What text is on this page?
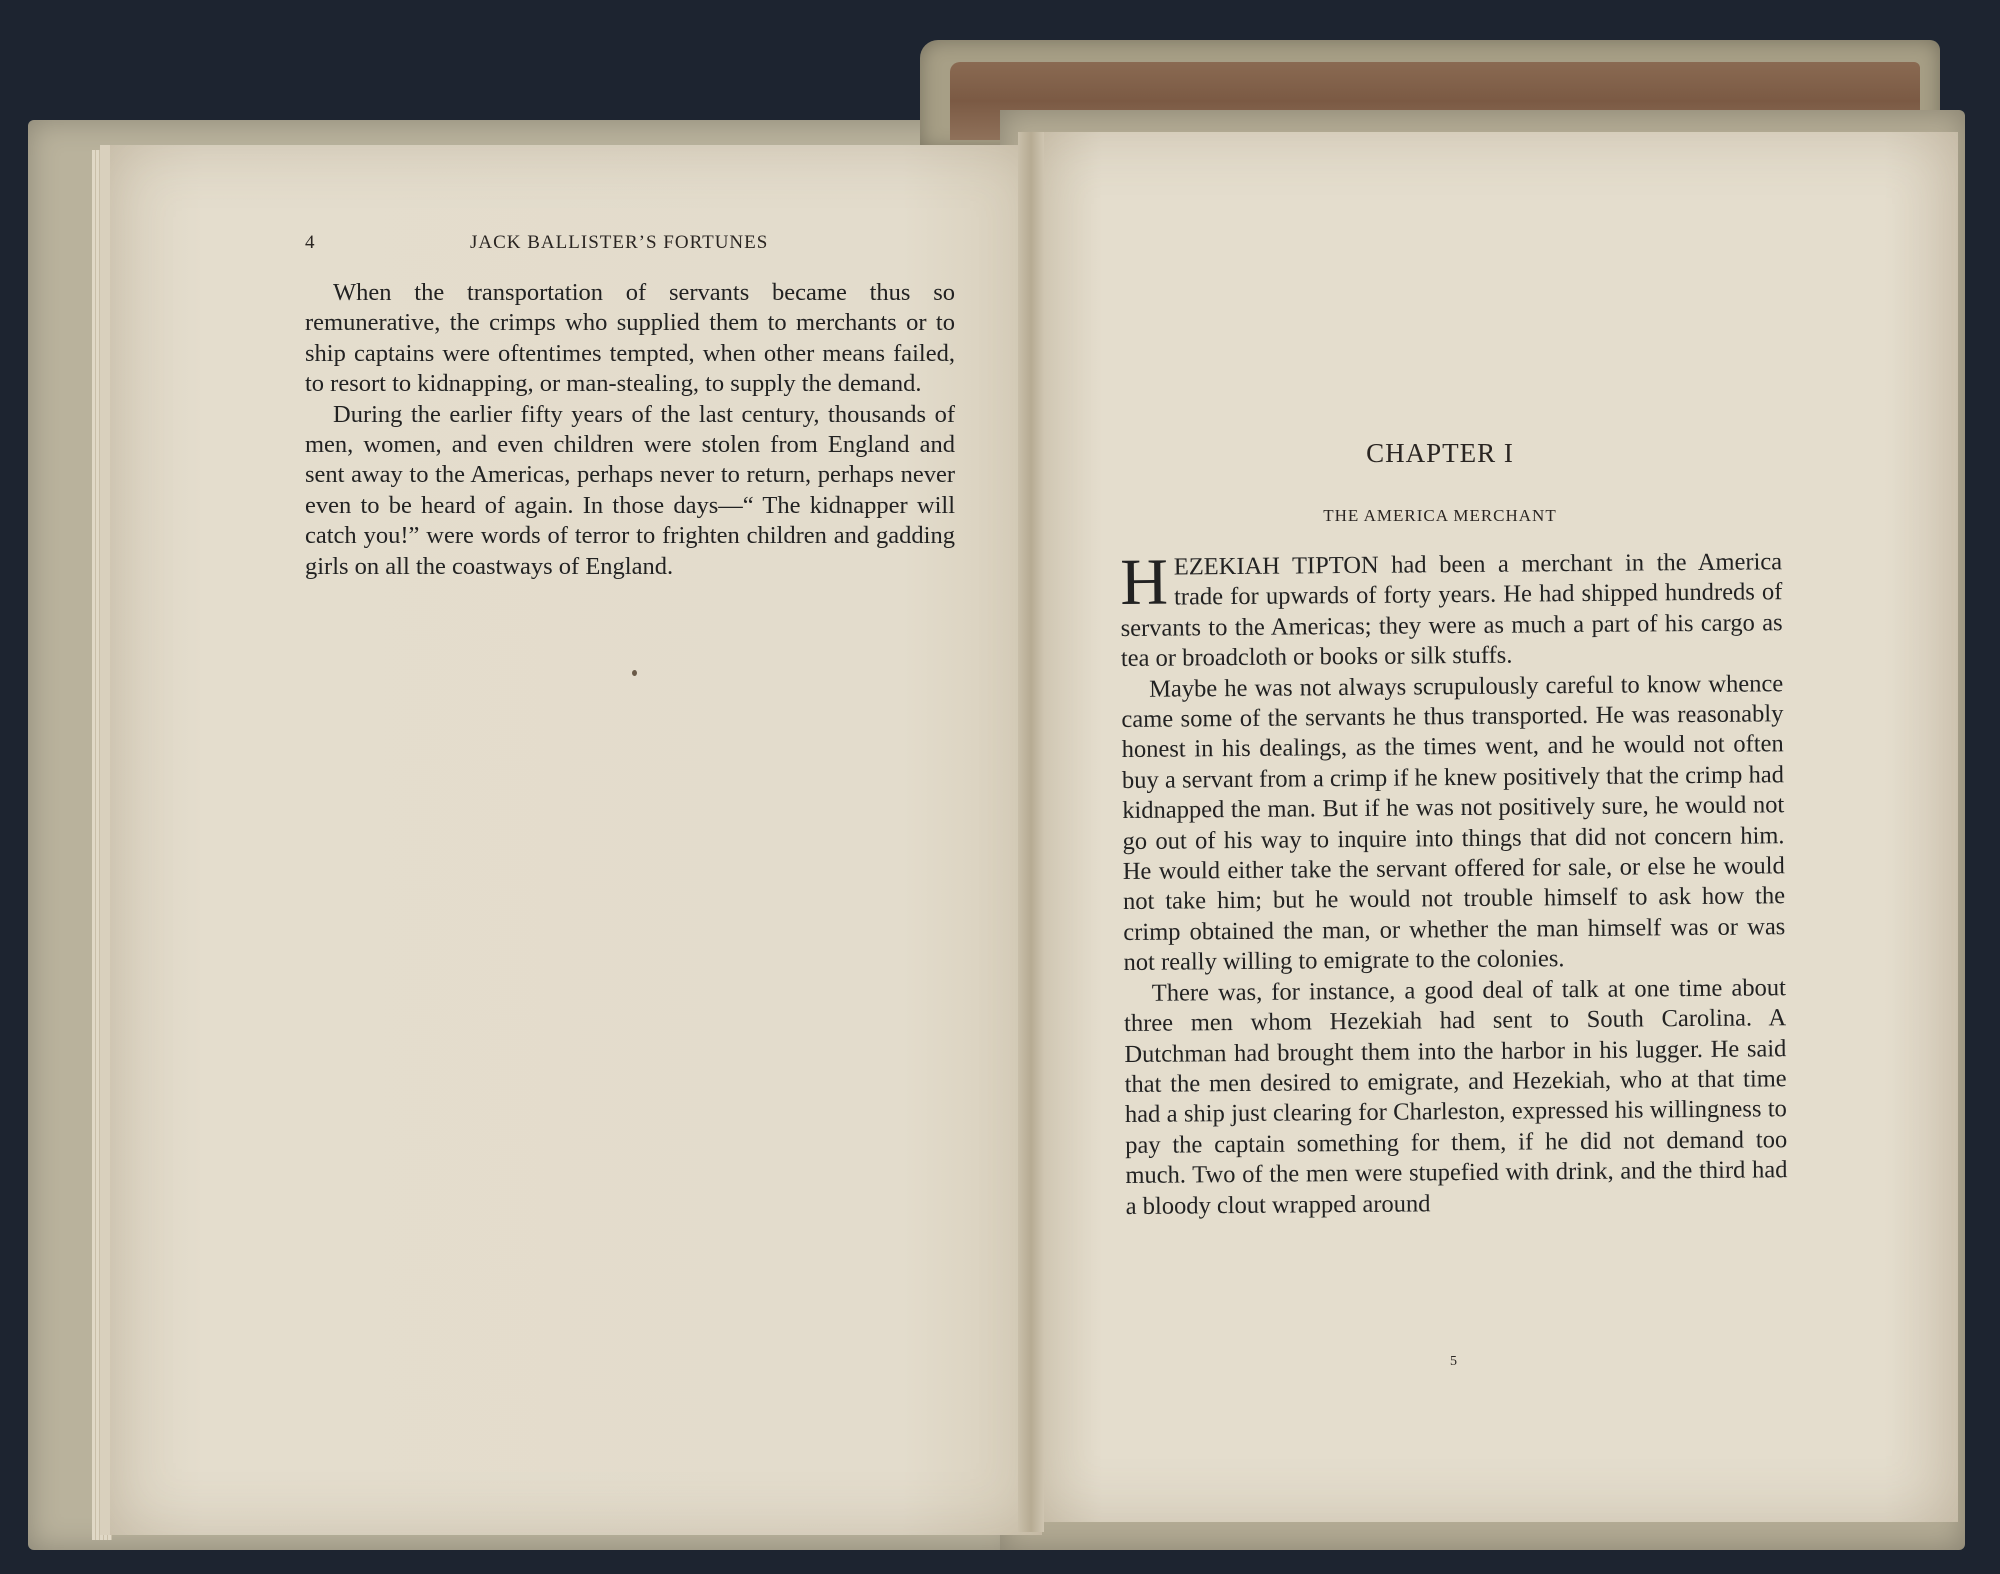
4	JACK BALLISTER’S FORTUNES

When the transportation of servants became thus so remunerative, the crimps who supplied them to merchants or to ship captains were oftentimes tempted, when other means failed, to resort to kidnapping, or man-stealing, to supply the demand.

During the earlier fifty years of the last century, thousands of men, women, and even children were stolen from England and sent away to the Americas, perhaps never to return, perhaps never even to be heard of again. In those days—“ The kidnapper will catch you!” were words of terror to frighten children and gadding girls on all the coastways of England.

CHAPTER I
THE AMERICA MERCHANT

HEZEKIAH TIPTON had been a merchant in the America trade for upwards of forty years. He had shipped hundreds of servants to the Americas; they were as much a part of his cargo as tea or broadcloth or books or silk stuffs.

Maybe he was not always scrupulously careful to know whence came some of the servants he thus transported. He was reasonably honest in his dealings, as the times went, and he would not often buy a servant from a crimp if he knew positively that the crimp had kidnapped the man. But if he was not positively sure, he would not go out of his way to inquire into things that did not concern him. He would either take the servant offered for sale, or else he would not take him; but he would not trouble himself to ask how the crimp obtained the man, or whether the man himself was or was not really willing to emigrate to the colonies.

There was, for instance, a good deal of talk at one time about three men whom Hezekiah had sent to South Carolina. A Dutchman had brought them into the harbor in his lugger. He said that the men desired to emigrate, and Hezekiah, who at that time had a ship just clearing for Charleston, expressed his willingness to pay the captain something for them, if he did not demand too much. Two of the men were stupefied with drink, and the third had a bloody clout wrapped around

5
